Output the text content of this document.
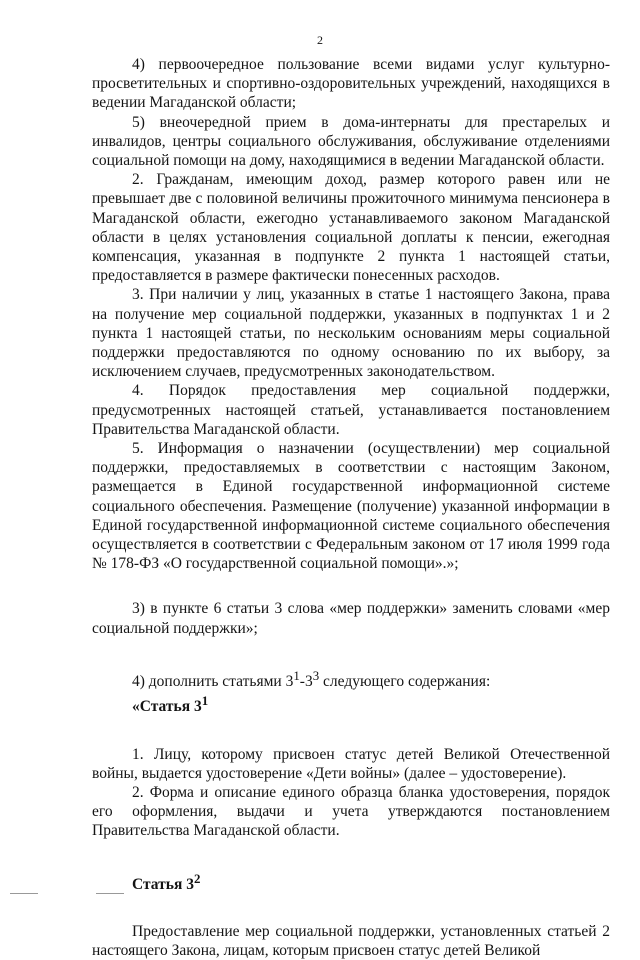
2

4) первоочередное пользование всеми видами услуг культурно-просветительных и спортивно-оздоровительных учреждений, находящихся в ведении Магаданской области;

5) внеочередной прием в дома-интернаты для престарелых и инвалидов, центры социального обслуживания, обслуживание отделениями социальной помощи на дому, находящимися в ведении Магаданской области.

2. Гражданам, имеющим доход, размер которого равен или не превышает две с половиной величины прожиточного минимума пенсионера в Магаданской области, ежегодно устанавливаемого законом Магаданской области в целях установления социальной доплаты к пенсии, ежегодная компенсация, указанная в подпункте 2 пункта 1 настоящей статьи, предоставляется в размере фактически понесенных расходов.

3. При наличии у лиц, указанных в статье 1 настоящего Закона, права на получение мер социальной поддержки, указанных в подпунктах 1 и 2 пункта 1 настоящей статьи, по нескольким основаниям меры социальной поддержки предоставляются по одному основанию по их выбору, за исключением случаев, предусмотренных законодательством.

4. Порядок предоставления мер социальной поддержки, предусмотренных настоящей статьей, устанавливается постановлением Правительства Магаданской области.

5. Информация о назначении (осуществлении) мер социальной поддержки, предоставляемых в соответствии с настоящим Законом, размещается в Единой государственной информационной системе социального обеспечения. Размещение (получение) указанной информации в Единой государственной информационной системе социального обеспечения осуществляется в соответствии с Федеральным законом от 17 июля 1999 года № 178-ФЗ «О государственной социальной помощи».»;

3) в пункте 6 статьи 3 слова «мер поддержки» заменить словами «мер социальной поддержки»;

4) дополнить статьями $3^1-3^3$ следующего содержания:

«Статья $3^1$

1. Лицу, которому присвоен статус детей Великой Отечественной войны, выдается удостоверение «Дети войны» (далее – удостоверение).

2. Форма и описание единого образца бланка удостоверения, порядок его оформления, выдачи и учета утверждаются постановлением Правительства Магаданской области.

Статья $3^2$

Предоставление мер социальной поддержки, установленных статьей 2 настоящего Закона, лицам, которым присвоен статус детей Великой
